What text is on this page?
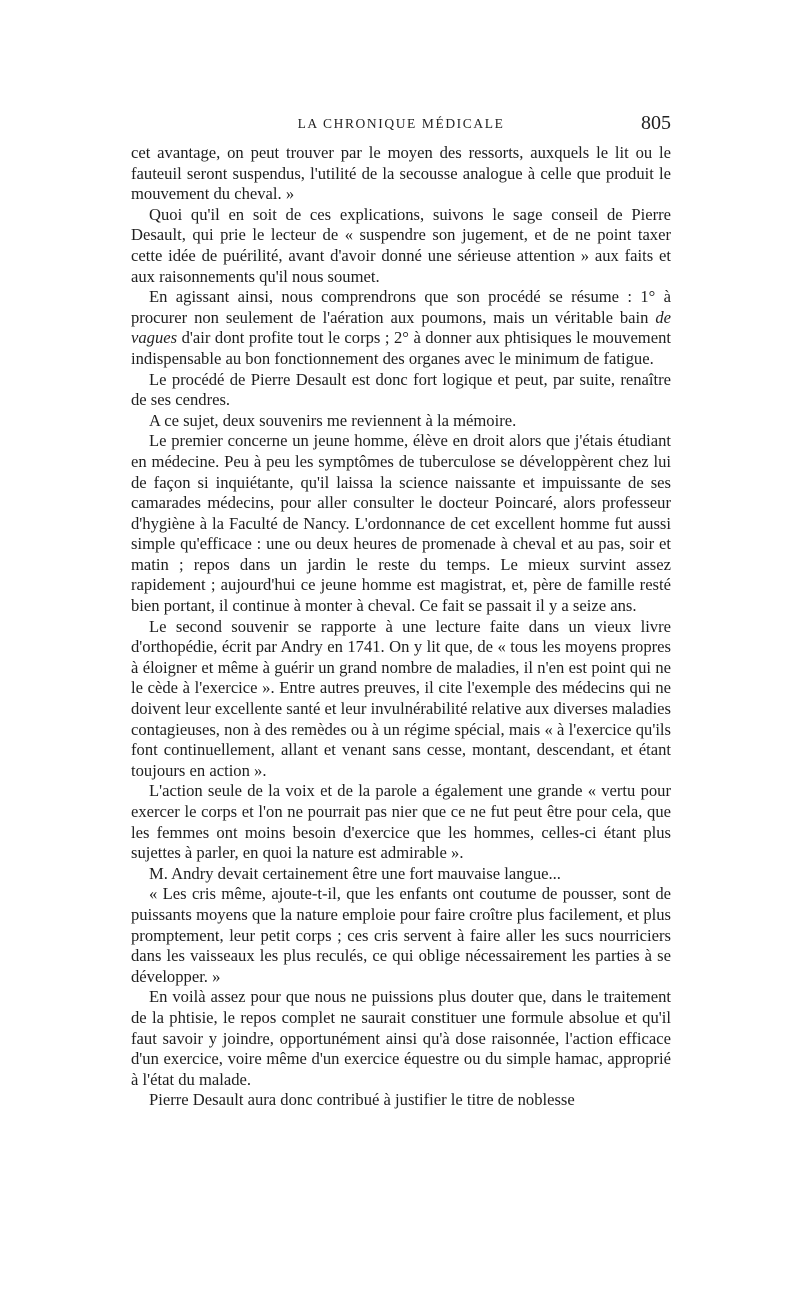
LA CHRONIQUE MÉDICALE	805

cet avantage, on peut trouver par le moyen des ressorts, auxquels le lit ou le fauteuil seront suspendus, l'utilité de la secousse analogue à celle que produit le mouvement du cheval. »

Quoi qu'il en soit de ces explications, suivons le sage conseil de Pierre Desault, qui prie le lecteur de « suspendre son jugement, et de ne point taxer cette idée de puérilité, avant d'avoir donné une sérieuse attention » aux faits et aux raisonnements qu'il nous soumet.

En agissant ainsi, nous comprendrons que son procédé se résume : 1° à procurer non seulement de l'aération aux poumons, mais un véritable bain de vagues d'air dont profite tout le corps ; 2° à donner aux phtisiques le mouvement indispensable au bon fonctionnement des organes avec le minimum de fatigue.

Le procédé de Pierre Desault est donc fort logique et peut, par suite, renaître de ses cendres.

A ce sujet, deux souvenirs me reviennent à la mémoire.

Le premier concerne un jeune homme, élève en droit alors que j'étais étudiant en médecine. Peu à peu les symptômes de tuberculose se développèrent chez lui de façon si inquiétante, qu'il laissa la science naissante et impuissante de ses camarades médecins, pour aller consulter le docteur Poincaré, alors professeur d'hygiène à la Faculté de Nancy. L'ordonnance de cet excellent homme fut aussi simple qu'efficace : une ou deux heures de promenade à cheval et au pas, soir et matin ; repos dans un jardin le reste du temps. Le mieux survint assez rapidement ; aujourd'hui ce jeune homme est magistrat, et, père de famille resté bien portant, il continue à monter à cheval. Ce fait se passait il y a seize ans.

Le second souvenir se rapporte à une lecture faite dans un vieux livre d'orthopédie, écrit par Andry en 1741. On y lit que, de « tous les moyens propres à éloigner et même à guérir un grand nombre de maladies, il n'en est point qui ne le cède à l'exercice ». Entre autres preuves, il cite l'exemple des médecins qui ne doivent leur excellente santé et leur invulnérabilité relative aux diverses maladies contagieuses, non à des remèdes ou à un régime spécial, mais « à l'exercice qu'ils font continuellement, allant et venant sans cesse, montant, descendant, et étant toujours en action ».

L'action seule de la voix et de la parole a également une grande « vertu pour exercer le corps et l'on ne pourrait pas nier que ce ne fut peut être pour cela, que les femmes ont moins besoin d'exercice que les hommes, celles-ci étant plus sujettes à parler, en quoi la nature est admirable ».

M. Andry devait certainement être une fort mauvaise langue...

« Les cris même, ajoute-t-il, que les enfants ont coutume de pousser, sont de puissants moyens que la nature emploie pour faire croître plus facilement, et plus promptement, leur petit corps ; ces cris servent à faire aller les sucs nourriciers dans les vaisseaux les plus reculés, ce qui oblige nécessairement les parties à se développer. »

En voilà assez pour que nous ne puissions plus douter que, dans le traitement de la phtisie, le repos complet ne saurait constituer une formule absolue et qu'il faut savoir y joindre, opportunément ainsi qu'à dose raisonnée, l'action efficace d'un exercice, voire même d'un exercice équestre ou du simple hamac, approprié à l'état du malade.

Pierre Desault aura donc contribué à justifier le titre de noblesse
